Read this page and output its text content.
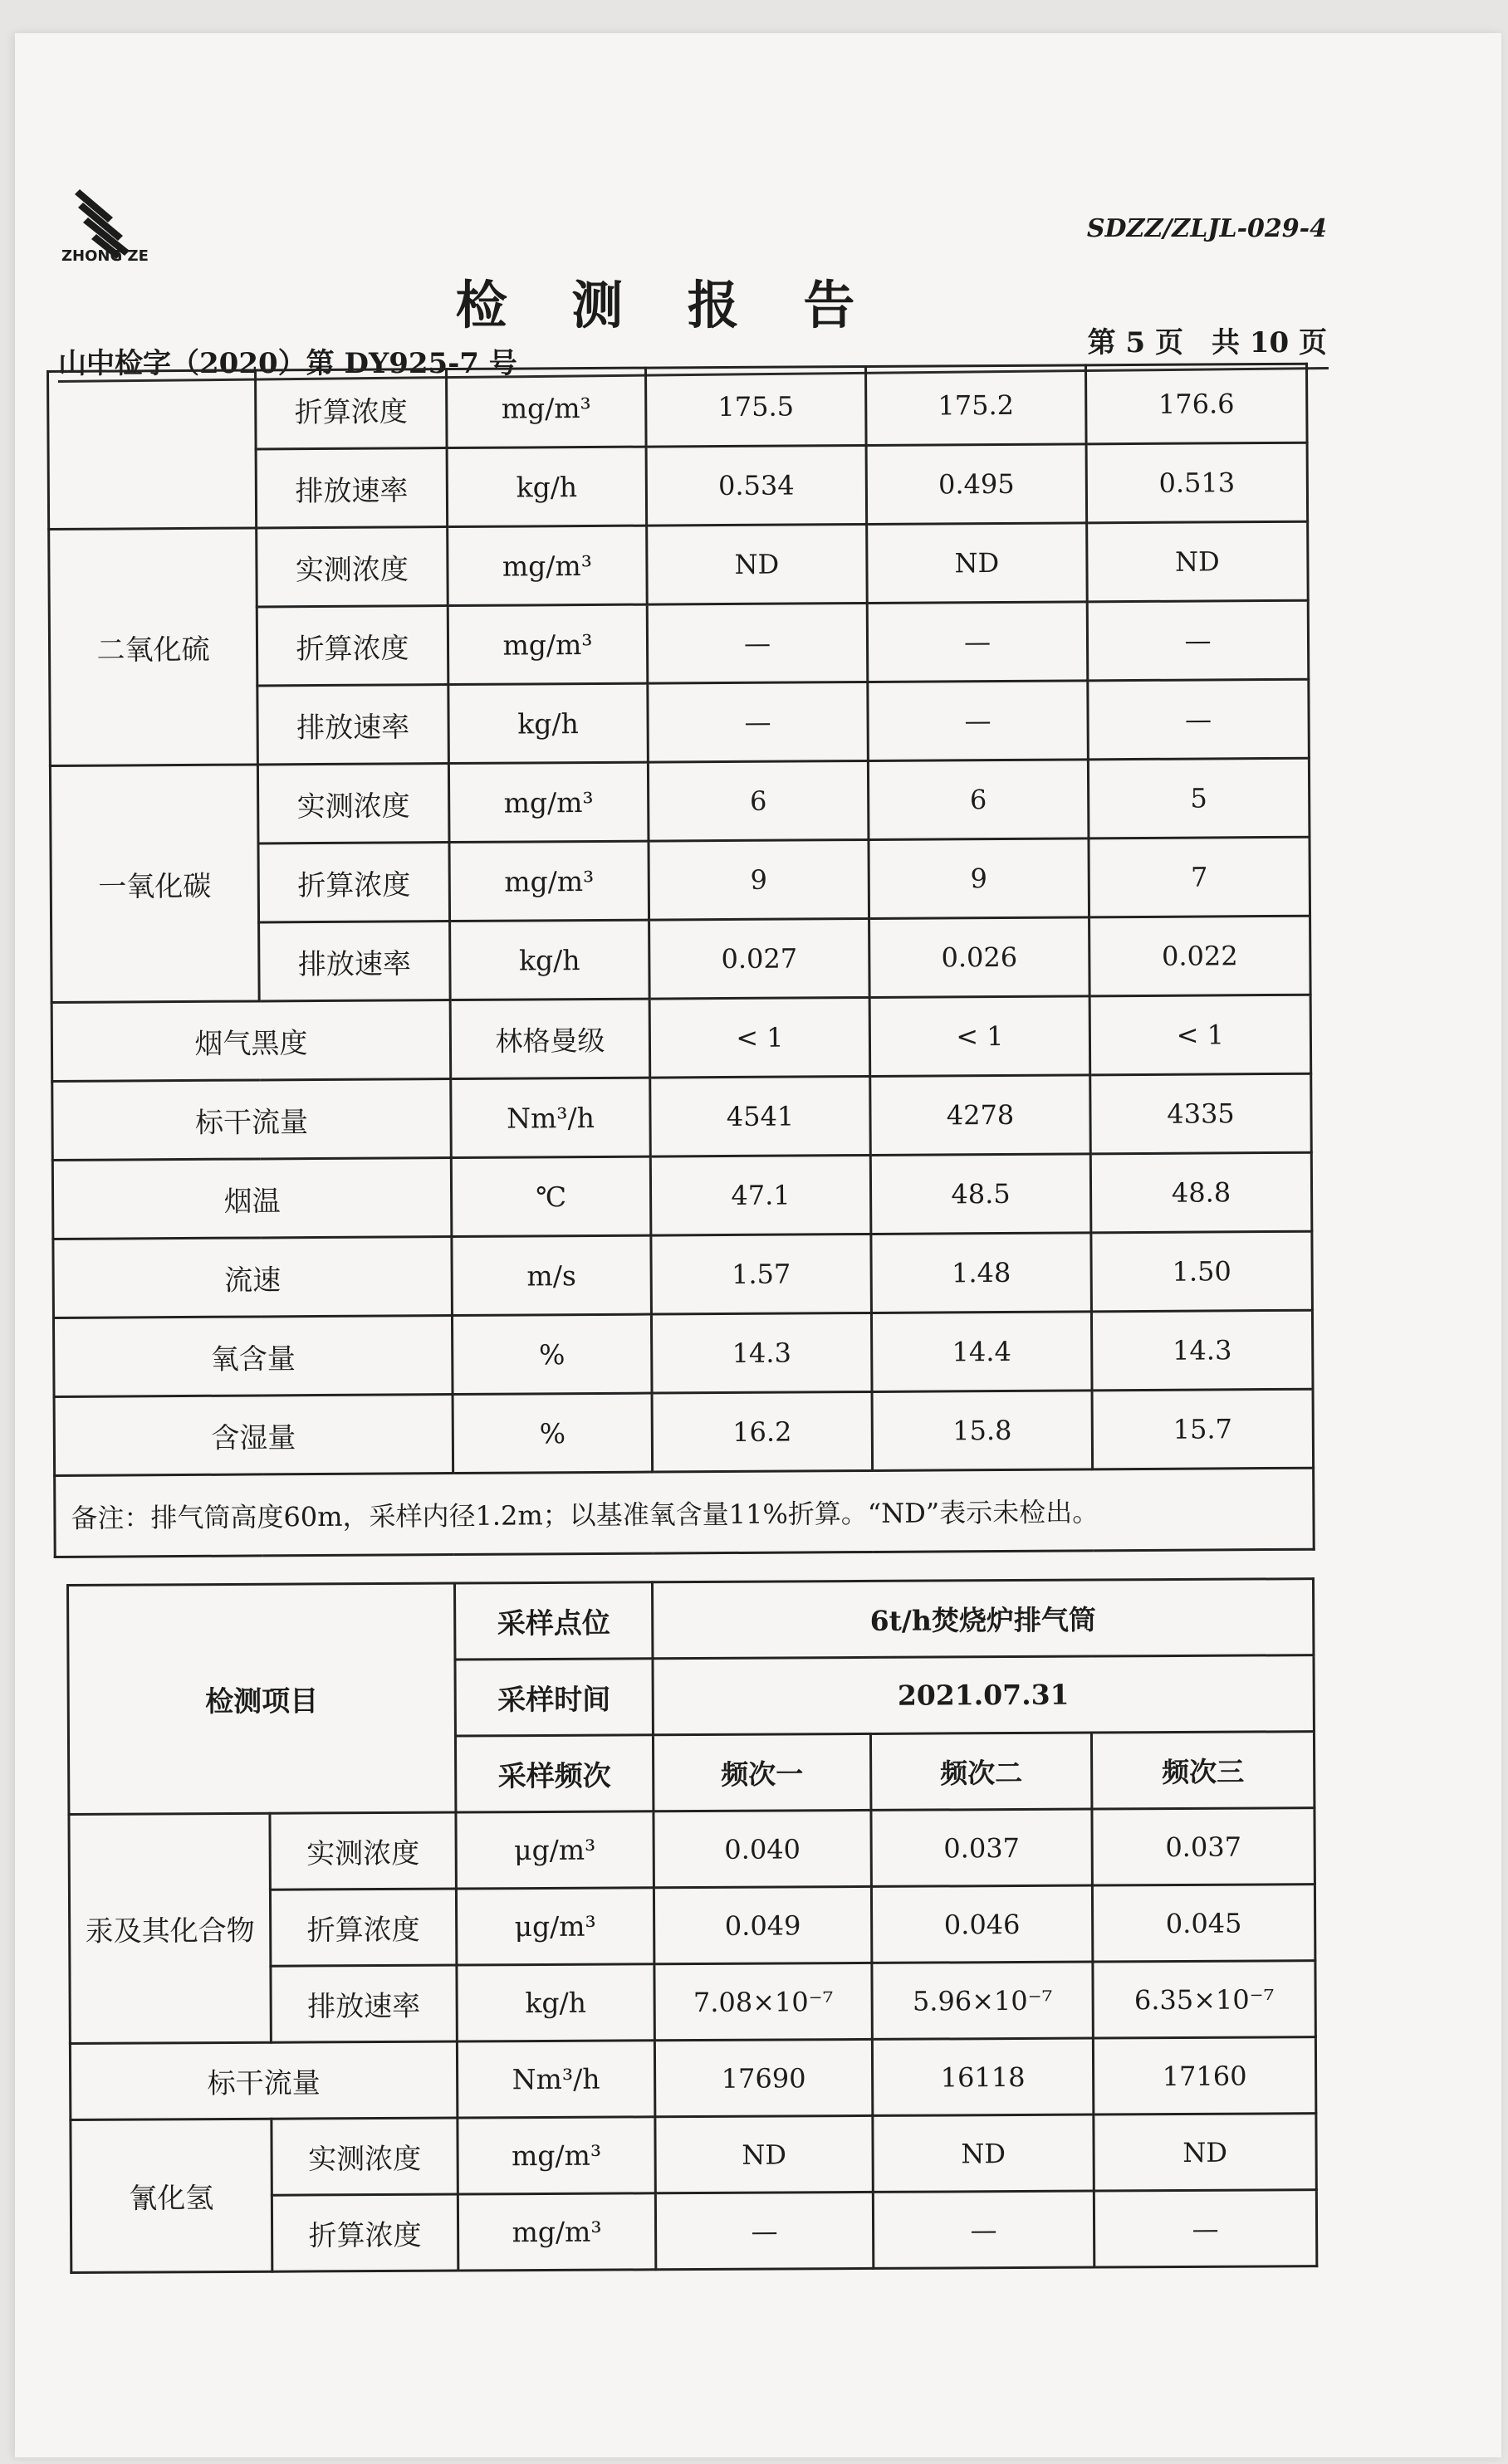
ZHONG ZE
SDZZ/ZLJL-029-4
检 测 报 告
山中检字（2020）第 DY925-7 号
第 5 页　共 10 页
	折算浓度	mg/m³	175.5	175.2	176.6
	排放速率	kg/h	0.534	0.495	0.513
二氧化硫	实测浓度	mg/m³	ND	ND	ND
	折算浓度	mg/m³	—	—	—
	排放速率	kg/h	—	—	—
一氧化碳	实测浓度	mg/m³	6	6	5
	折算浓度	mg/m³	9	9	7
	排放速率	kg/h	0.027	0.026	0.022
烟气黑度		林格曼级	< 1	< 1	< 1
标干流量		Nm³/h	4541	4278	4335
烟温		℃	47.1	48.5	48.8
流速		m/s	1.57	1.48	1.50
氧含量		%	14.3	14.4	14.3
含湿量		%	16.2	15.8	15.7
备注：排气筒高度60m，采样内径1.2m；以基准氧含量11%折算。“ND”表示未检出。					
检测项目		采样点位	6t/h焚烧炉排气筒		
		采样时间	2021.07.31		
		采样频次	频次一	频次二	频次三
汞及其化合物	实测浓度	μg/m³	0.040	0.037	0.037
	折算浓度	μg/m³	0.049	0.046	0.045
	排放速率	kg/h	7.08×10⁻⁷	5.96×10⁻⁷	6.35×10⁻⁷
标干流量		Nm³/h	17690	16118	17160
氰化氢	实测浓度	mg/m³	ND	ND	ND
	折算浓度	mg/m³	—	—	—
